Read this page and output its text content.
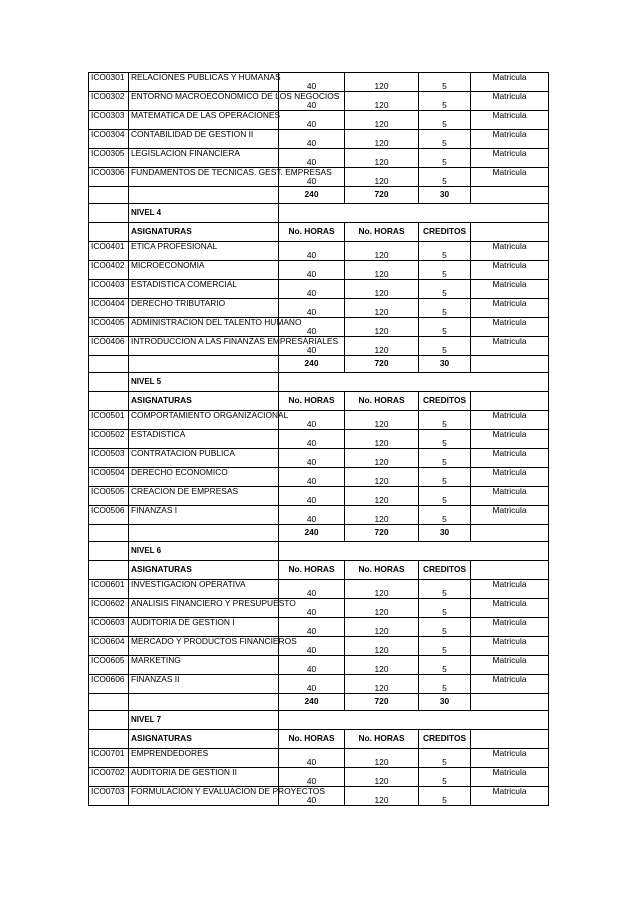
ICO0301	RELACIONES PUBLICAS Y HUMANAS	40	120	5	Matricula
ICO0302	ENTORNO MACROECONOMICO DE LOS NEGOCIOS	40	120	5	Matricula
ICO0303	MATEMATICA DE LAS OPERACIONES	40	120	5	Matricula
ICO0304	CONTABILIDAD DE GESTION II	40	120	5	Matricula
ICO0305	LEGISLACION FINANCIERA	40	120	5	Matricula
ICO0306	FUNDAMENTOS DE TECNICAS. GEST. EMPRESAS	40	120	5	Matricula
		240	720	30	
	NIVEL 4				
	ASIGNATURAS	No. HORAS	No. HORAS	CREDITOS	
ICO0401	ETICA PROFESIONAL	40	120	5	Matricula
ICO0402	MICROECONOMIA	40	120	5	Matricula
ICO0403	ESTADISTICA COMERCIAL	40	120	5	Matricula
ICO0404	DERECHO TRIBUTARIO	40	120	5	Matricula
ICO0405	ADMINISTRACION DEL TALENTO HUMANO	40	120	5	Matricula
ICO0406	INTRODUCCION A LAS FINANZAS EMPRESARIALES	40	120	5	Matricula
		240	720	30	
	NIVEL 5				
	ASIGNATURAS	No. HORAS	No. HORAS	CREDITOS	
ICO0501	COMPORTAMIENTO ORGANIZACIONAL	40	120	5	Matricula
ICO0502	ESTADISTICA	40	120	5	Matricula
ICO0503	CONTRATACION PUBLICA	40	120	5	Matricula
ICO0504	DERECHO ECONOMICO	40	120	5	Matricula
ICO0505	CREACION DE EMPRESAS	40	120	5	Matricula
ICO0506	FINANZAS I	40	120	5	Matricula
		240	720	30	
	NIVEL 6				
	ASIGNATURAS	No. HORAS	No. HORAS	CREDITOS	
ICO0601	INVESTIGACION OPERATIVA	40	120	5	Matricula
ICO0602	ANALISIS FINANCIERO Y PRESUPUESTO	40	120	5	Matricula
ICO0603	AUDITORIA DE GESTION I	40	120	5	Matricula
ICO0604	MERCADO Y PRODUCTOS FINANCIEROS	40	120	5	Matricula
ICO0605	MARKETING	40	120	5	Matricula
ICO0606	FINANZAS II	40	120	5	Matricula
		240	720	30	
	NIVEL 7				
	ASIGNATURAS	No. HORAS	No. HORAS	CREDITOS	
ICO0701	EMPRENDEDORES	40	120	5	Matricula
ICO0702	AUDITORIA DE GESTION II	40	120	5	Matricula
ICO0703	FORMULACION Y EVALUACION DE PROYECTOS	40	120	5	Matricula
